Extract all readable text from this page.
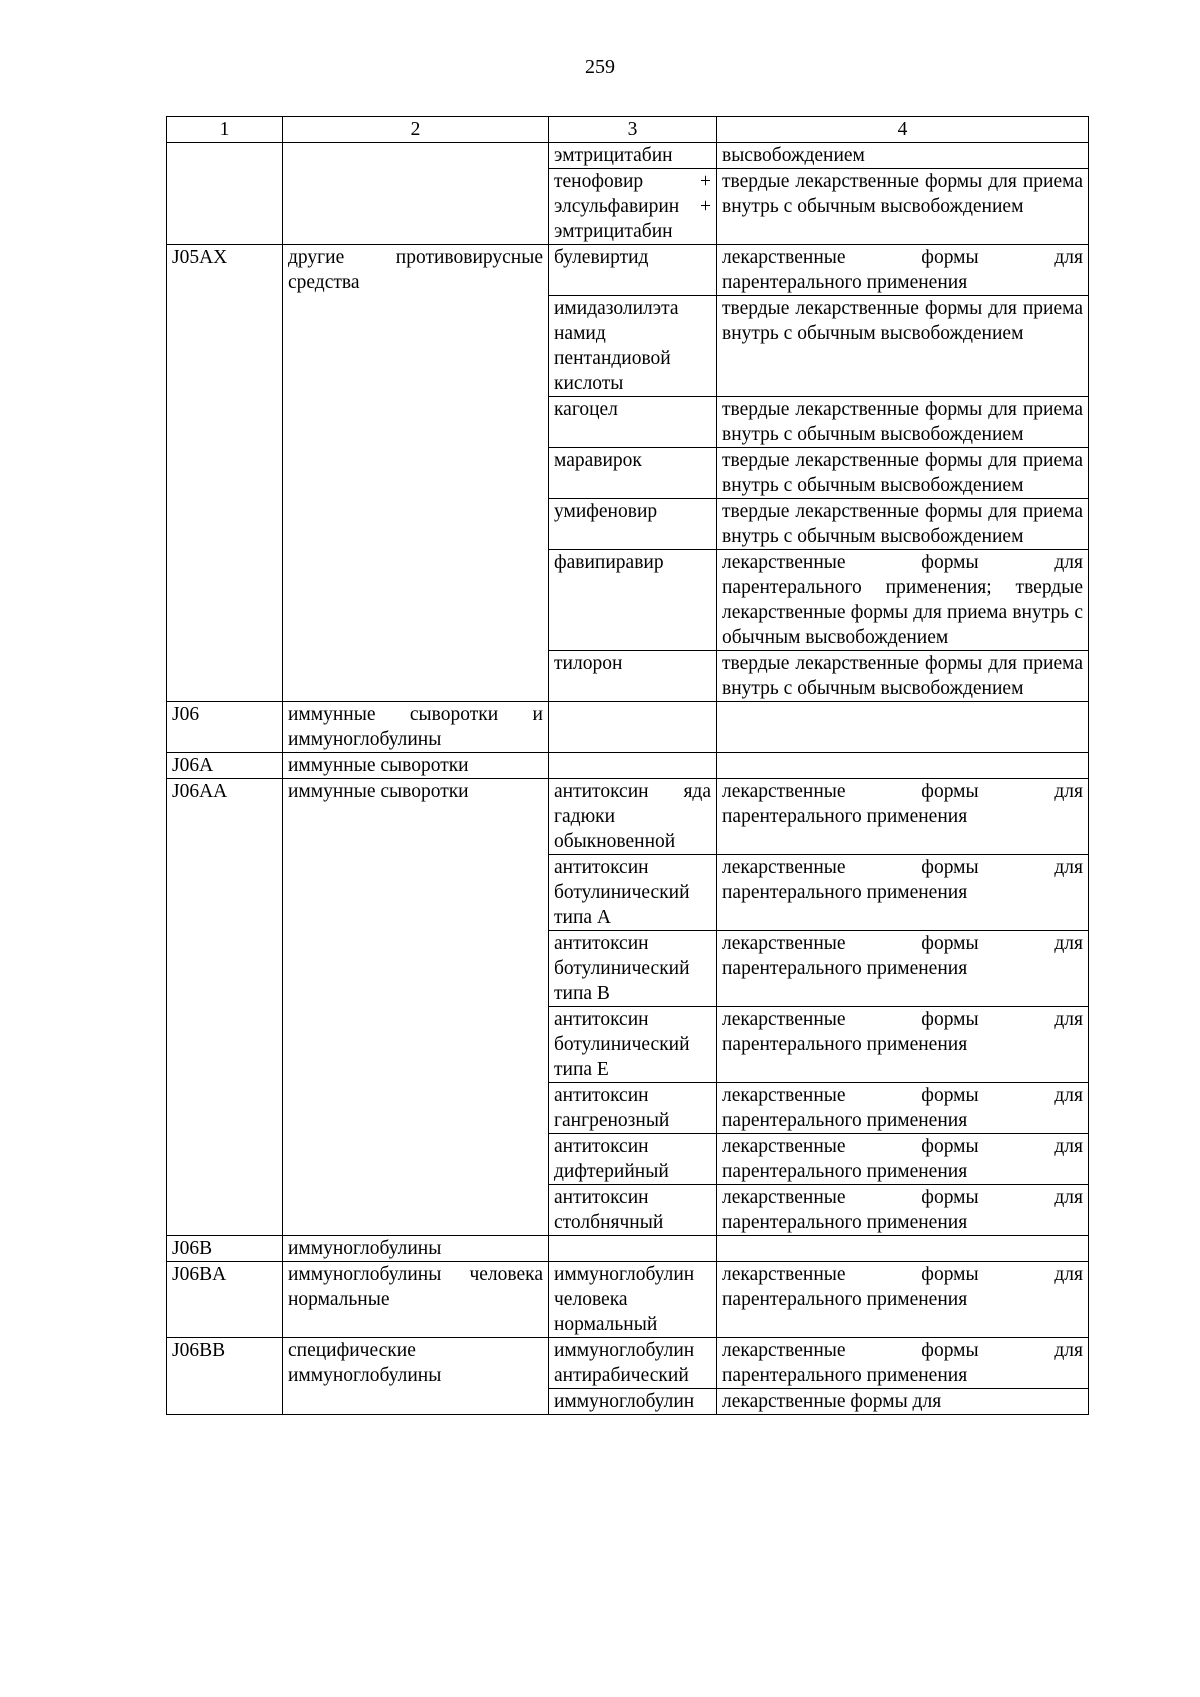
259
1	2	3	4
		эмтрицитабин	высвобождением
		тенофовир + элсульфавирин + эмтрицитабин	твердые лекарственные формы для приема внутрь с обычным высвобождением
J05AX	другие противовирусные средства	булевиртид	лекарственные формы для парентерального применения
		имидазолилэта намид пентандиовой кислоты	твердые лекарственные формы для приема внутрь с обычным высвобождением
		кагоцел	твердые лекарственные формы для приема внутрь с обычным высвобождением
		маравирок	твердые лекарственные формы для приема внутрь с обычным высвобождением
		умифеновир	твердые лекарственные формы для приема внутрь с обычным высвобождением
		фавипиравир	лекарственные формы для парентерального применения; твердые лекарственные формы для приема внутрь с обычным высвобождением
		тилорон	твердые лекарственные формы для приема внутрь с обычным высвобождением
J06	иммунные сыворотки и иммуноглобулины		
J06A	иммунные сыворотки		
J06AA	иммунные сыворотки	антитоксин яда гадюки обыкновенной	лекарственные формы для парентерального применения
		антитоксин ботулинический типа A	лекарственные формы для парентерального применения
		антитоксин ботулинический типа B	лекарственные формы для парентерального применения
		антитоксин ботулинический типа E	лекарственные формы для парентерального применения
		антитоксин гангренозный	лекарственные формы для парентерального применения
		антитоксин дифтерийный	лекарственные формы для парентерального применения
		антитоксин столбнячный	лекарственные формы для парентерального применения
J06B	иммуноглобулины		
J06BA	иммуноглобулины человека нормальные	иммуноглобулин человека нормальный	лекарственные формы для парентерального применения
J06BB	специфические иммуноглобулины	иммуноглобулин антирабический	лекарственные формы для парентерального применения
		иммуноглобулин	лекарственные формы для
